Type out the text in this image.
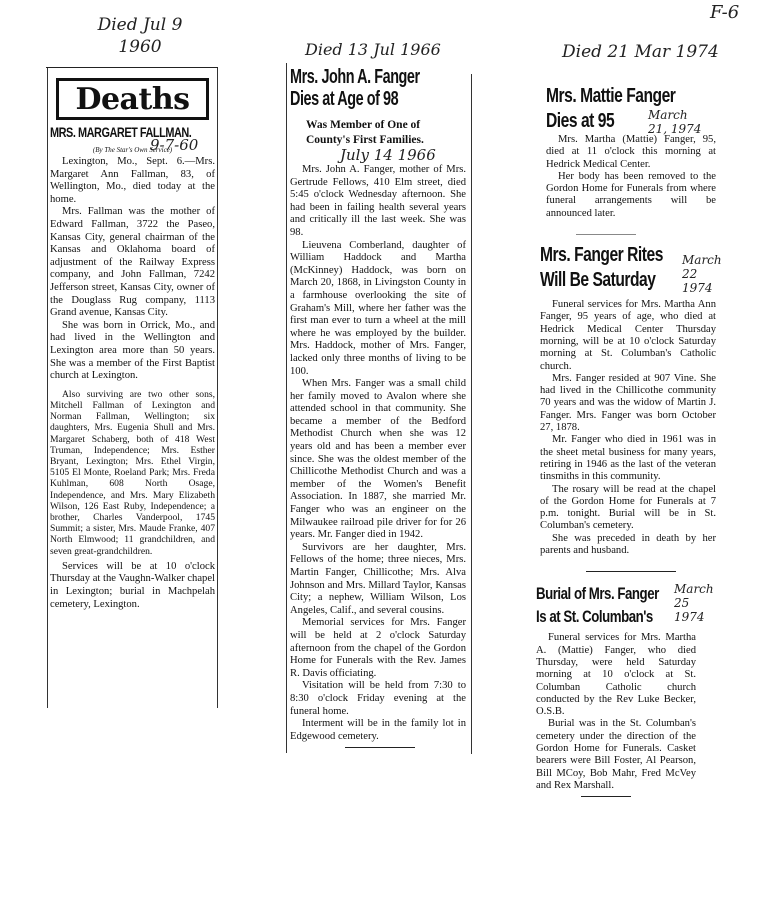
F-6
Died Jul 9 1960
Deaths
MRS. MARGARET FALLMAN.
(By The Star's Own Service)
9-7-60

Lexington, Mo., Sept. 6.—Mrs. Margaret Ann Fallman, 83, of Wellington, Mo., died today at the home.

Mrs. Fallman was the mother of Edward Fallman, 3722 the Paseo, Kansas City, general chairman of the Kansas and Oklahoma board of adjustment of the Railway Express company, and John Fallman, 7242 Jefferson street, Kansas City, owner of the Douglass Rug company, 1113 Grand avenue, Kansas City.

She was born in Orrick, Mo., and had lived in the Wellington and Lexington area more than 50 years. She was a member of the First Baptist church at Lexington.

Also surviving are two other sons, Mitchell Fallman of Lexington and Norman Fallman, Wellington; six daughters, Mrs. Eugenia Shull and Mrs. Margaret Schaberg, both of 418 West Truman, Independence; Mrs. Esther Bryant, Lexington; Mrs. Ethel Virgin, 5105 El Monte, Roeland Park; Mrs. Freda Kuhlman, 608 North Osage, Independence, and Mrs. Mary Elizabeth Wilson, 126 East Ruby, Independence; a brother, Charles Vanderpool, 1745 Summit; a sister, Mrs. Maude Franke, 407 North Elmwood; 11 grandchildren, and seven great-grandchildren.

Services will be at 10 o'clock Thursday at the Vaughn-Walker chapel in Lexington; burial in Machpelah cemetery, Lexington.

Died 13 Jul 1966
Mrs. John A. Fanger
Dies at Age of 98
Was Member of One of
County's First Families.
July 14 1966

Mrs. John A. Fanger, mother of Mrs. Gertrude Fellows, 410 Elm street, died 5:45 o'clock Wednesday afternoon. She had been in failing health several years and critically ill the last week. She was 98.

Lieuvena Comberland, daughter of William Haddock and Martha (McKinney) Haddock, was born on March 20, 1868, in Livingston County in a farmhouse overlooking the site of Graham's Mill, where her father was the first man ever to turn a wheel at the mill where he was employed by the builder. Mrs. Haddock, mother of Mrs. Fanger, lacked only three months of living to be 100.

When Mrs. Fanger was a small child her family moved to Avalon where she attended school in that community. She became a member of the Bedford Methodist Church when she was 12 years old and has been a member ever since. She was the oldest member of the Chillicothe Methodist Church and was a member of the Women's Benefit Association. In 1887, she married Mr. Fanger who was an engineer on the Milwaukee railroad pile driver for for 26 years. Mr. Fanger died in 1942.

Survivors are her daughter, Mrs. Fellows of the home; three nieces, Mrs. Martin Fanger, Chillicothe; Mrs. Alva Johnson and Mrs. Millard Taylor, Kansas City; a nephew, William Wilson, Los Angeles, Calif., and several cousins.

Memorial services for Mrs. Fanger will be held at 2 o'clock Saturday afternoon from the chapel of the Gordon Home for Funerals with the Rev. James R. Davis officiating.

Visitation will be held from 7:30 to 8:30 o'clock Friday evening at the funeral home.

Interment will be in the family lot in Edgewood cemetery.

Died 21 Mar 1974
Mrs. Mattie Fanger
Dies at 95	March 21, 1974

Mrs. Martha (Mattie) Fanger, 95, died at 11 o'clock this morning at Hedrick Medical Center.

Her body has been removed to the Gordon Home for Funerals from where funeral arrangements will be announced later.

Mrs. Fanger Rites
Will Be Saturday
March 22 1974

Funeral services for Mrs. Martha Ann Fanger, 95 years of age, who died at Hedrick Medical Center Thursday morning, will be at 10 o'clock Saturday morning at St. Columban's Catholic church.

Mrs. Fanger resided at 907 Vine. She had lived in the Chillicothe community 70 years and was the widow of Martin J. Fanger. Mrs. Fanger was born October 27, 1878.

Mr. Fanger who died in 1961 was in the sheet metal business for many years, retiring in 1946 as the last of the veteran tinsmiths in this community.

The rosary will be read at the chapel of the Gordon Home for Funerals at 7 p.m. tonight. Burial will be in St. Columban's cemetery.

She was preceded in death by her parents and husband.

Burial of Mrs. Fanger
Is at St. Columban's
March 25 1974

Funeral services for Mrs. Martha A. (Mattie) Fanger, who died Thursday, were held Saturday morning at 10 o'clock at St. Columban Catholic church conducted by the Rev Luke Becker, O.S.B.

Burial was in the St. Columban's cemetery under the direction of the Gordon Home for Funerals. Casket bearers were Bill Foster, Al Pearson, Bill MCoy, Bob Mahr, Fred McVey and Rex Marshall.
